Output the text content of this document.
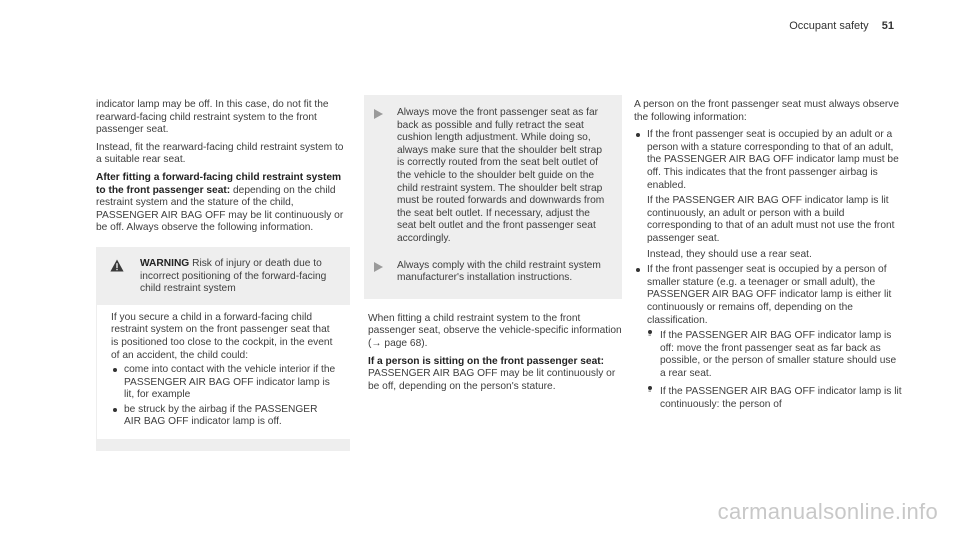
Occupant safety 51

indicator lamp may be off. In this case, do not fit the rearward-facing child restraint system to the front passenger seat.

Instead, fit the rearward-facing child restraint system to a suitable rear seat.

After fitting a forward-facing child restraint system to the front passenger seat: depending on the child restraint system and the stature of the child, PASSENGER AIR BAG OFF may be lit continuously or be off. Always observe the following information.

WARNING Risk of injury or death due to incorrect positioning of the forward-facing child restraint system

If you secure a child in a forward-facing child restraint system on the front passenger seat that is positioned too close to the cockpit, in the event of an accident, the child could:

come into contact with the vehicle interior if the PASSENGER AIR BAG OFF indicator lamp is lit, for example
be struck by the airbag if the PASSENGER AIR BAG OFF indicator lamp is off.
Always move the front passenger seat as far back as possible and fully retract the seat cushion length adjustment. While doing so, always make sure that the shoulder belt strap is correctly routed from the seat belt outlet of the vehicle to the shoulder belt guide on the child restraint system. The shoulder belt strap must be routed forwards and downwards from the seat belt outlet. If necessary, adjust the seat belt outlet and the front passenger seat accordingly.
Always comply with the child restraint system manufacturer's installation instructions.

When fitting a child restraint system to the front passenger seat, observe the vehicle-specific information (→ page 68).

If a person is sitting on the front passenger seat: PASSENGER AIR BAG OFF may be lit continuously or be off, depending on the person's stature.

A person on the front passenger seat must always observe the following information:

If the front passenger seat is occupied by an adult or a person with a stature corresponding to that of an adult, the PASSENGER AIR BAG OFF indicator lamp must be off. This indicates that the front passenger airbag is enabled.
If the PASSENGER AIR BAG OFF indicator lamp is lit continuously, an adult or person with a build corresponding to that of an adult must not use the front passenger seat.
Instead, they should use a rear seat.
If the front passenger seat is occupied by a person of smaller stature (e.g. a teenager or small adult), the PASSENGER AIR BAG OFF indicator lamp is either lit continuously or remains off, depending on the classification.
- If the PASSENGER AIR BAG OFF indicator lamp is off: move the front passenger seat as far back as possible, or the person of smaller stature should use a rear seat.
- If the PASSENGER AIR BAG OFF indicator lamp is lit continuously: the person of
carmanualsonline.info
